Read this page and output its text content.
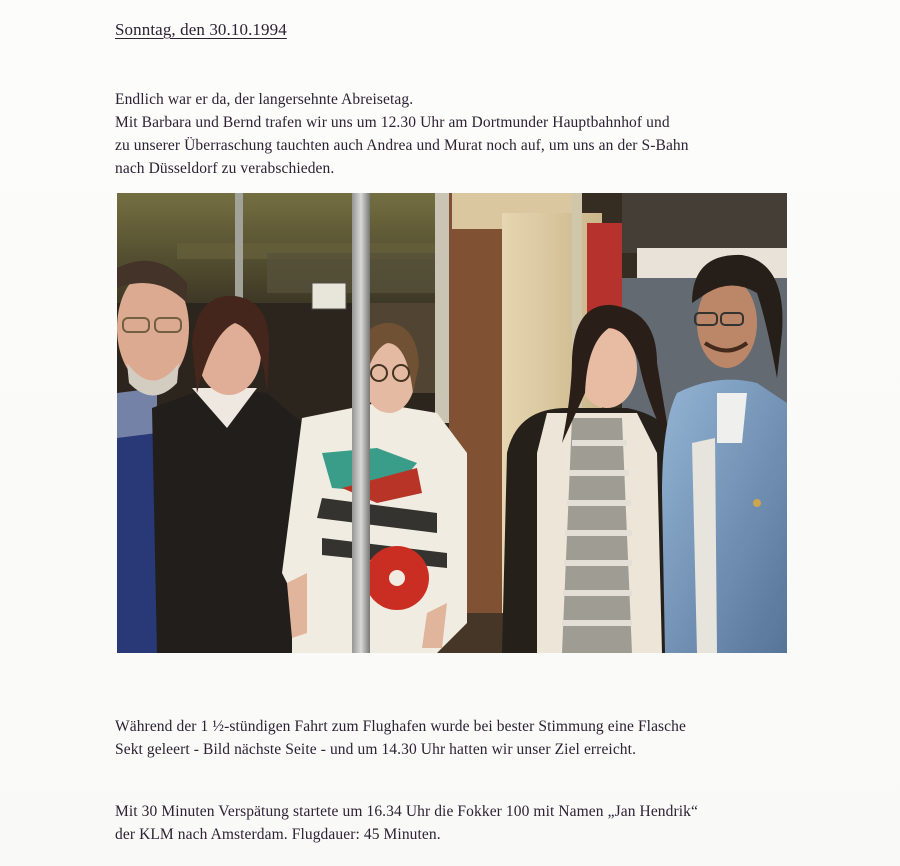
Sonntag, den 30.10.1994
Endlich war er da, der langersehnte Abreisetag.
Mit Barbara und Bernd trafen wir uns um 12.30 Uhr am Dortmunder Hauptbahnhof und
zu unserer Überraschung tauchten auch Andrea und Murat noch auf, um uns an der S-Bahn
nach Düsseldorf zu verabschieden.
Während der 1 ½-stündigen Fahrt zum Flughafen wurde bei bester Stimmung eine Flasche
Sekt geleert - Bild nächste Seite - und um 14.30 Uhr hatten wir unser Ziel erreicht.
Mit 30 Minuten Verspätung startete um 16.34 Uhr die Fokker 100 mit Namen „Jan Hendrik“
der KLM nach Amsterdam. Flugdauer: 45 Minuten.
